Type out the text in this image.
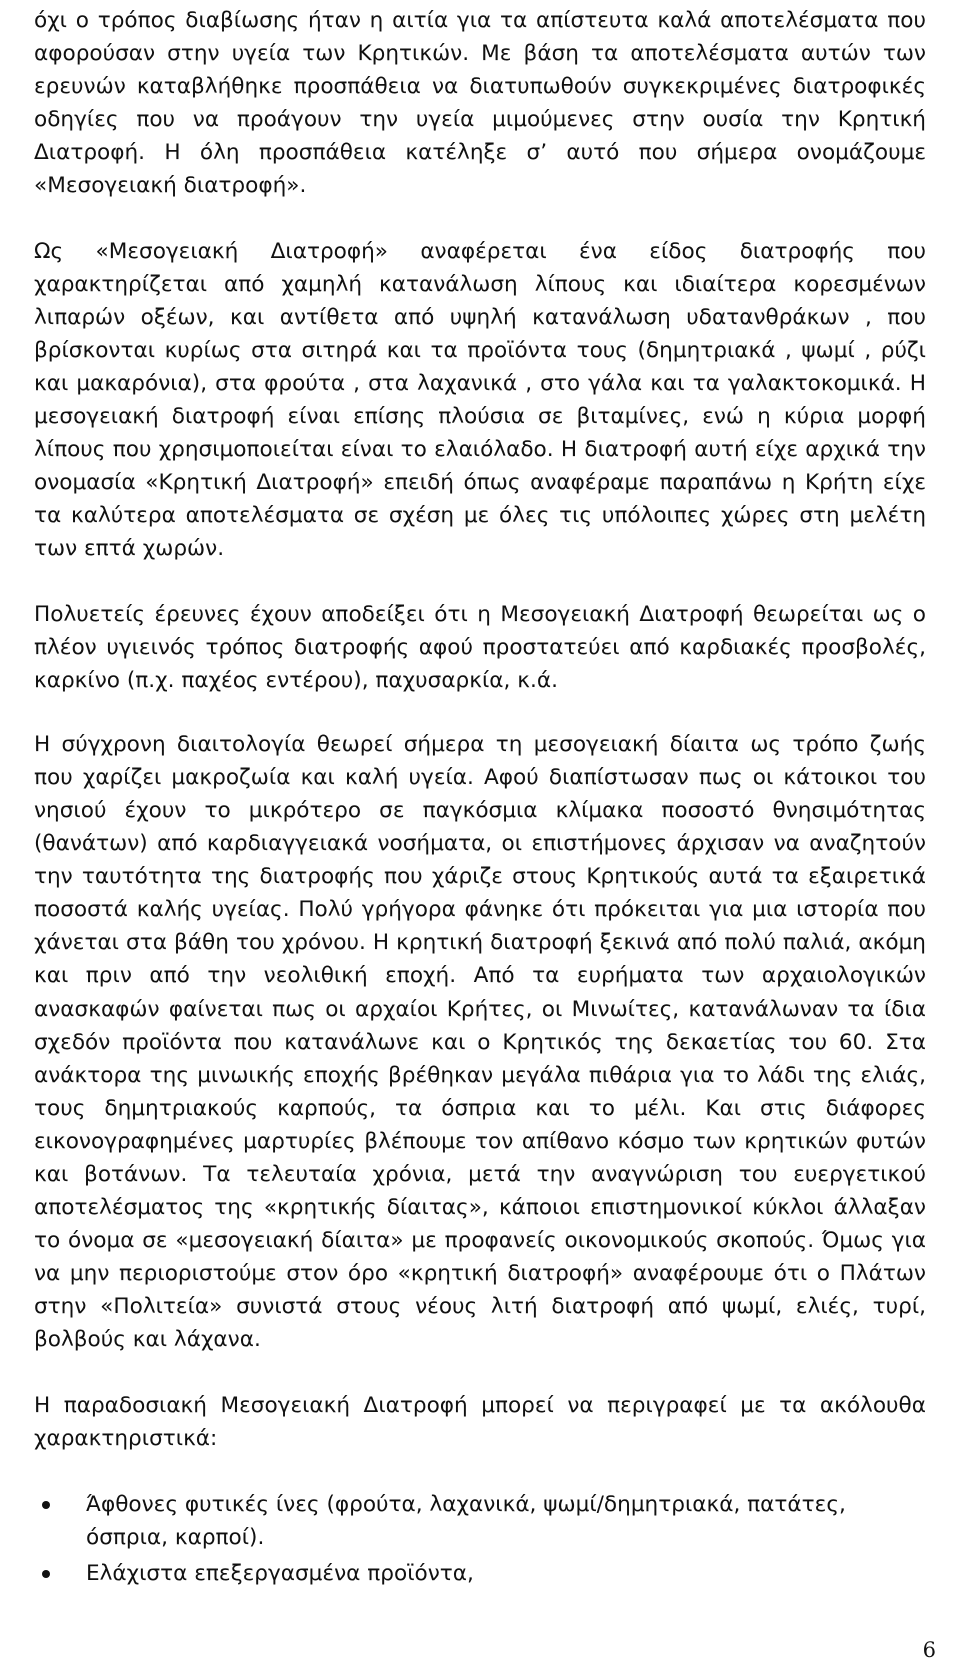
όχι ο τρόπος διαβίωσης ήταν η αιτία για τα απίστευτα καλά αποτελέσματα που αφορούσαν στην υγεία των Κρητικών. Με βάση τα αποτελέσματα αυτών των ερευνών καταβλήθηκε προσπάθεια να διατυπωθούν συγκεκριμένες διατροφικές οδηγίες που να προάγουν την υγεία μιμούμενες στην ουσία την Κρητική Διατροφή. Η όλη προσπάθεια κατέληξε σ’ αυτό που σήμερα ονομάζουμε «Μεσογειακή διατροφή».

Ως «Μεσογειακή Διατροφή» αναφέρεται ένα είδος διατροφής που χαρακτηρίζεται από χαμηλή κατανάλωση λίπους και ιδιαίτερα κορεσμένων λιπαρών οξέων, και αντίθετα από υψηλή κατανάλωση υδατανθράκων , που βρίσκονται κυρίως στα σιτηρά και τα προϊόντα τους (δημητριακά , ψωμί , ρύζι και μακαρόνια), στα φρούτα , στα λαχανικά , στο γάλα και τα γαλακτοκομικά. Η μεσογειακή διατροφή είναι επίσης πλούσια σε βιταμίνες, ενώ η κύρια μορφή λίπους που χρησιμοποιείται είναι το ελαιόλαδο. Η διατροφή αυτή είχε αρχικά την ονομασία «Κρητική Διατροφή» επειδή όπως αναφέραμε παραπάνω η Κρήτη είχε τα καλύτερα αποτελέσματα σε σχέση με όλες τις υπόλοιπες χώρες στη μελέτη των επτά χωρών.

Πολυετείς έρευνες έχουν αποδείξει ότι η Μεσογειακή Διατροφή θεωρείται ως ο πλέον υγιεινός τρόπος διατροφής αφού προστατεύει από καρδιακές προσβολές, καρκίνο (π.χ. παχέος εντέρου), παχυσαρκία, κ.ά.

Η σύγχρονη διαιτολογία θεωρεί σήμερα τη μεσογειακή δίαιτα ως τρόπο ζωής που χαρίζει μακροζωία και καλή υγεία. Αφού διαπίστωσαν πως οι κάτοικοι του νησιού έχουν το μικρότερο σε παγκόσμια κλίμακα ποσοστό θνησιμότητας (θανάτων) από καρδιαγγειακά νοσήματα, οι επιστήμονες άρχισαν να αναζητούν την ταυτότητα της διατροφής που χάριζε στους Κρητικούς αυτά τα εξαιρετικά ποσοστά καλής υγείας. Πολύ γρήγορα φάνηκε ότι πρόκειται για μια ιστορία που χάνεται στα βάθη του χρόνου. Η κρητική διατροφή ξεκινά από πολύ παλιά, ακόμη και πριν από την νεολιθική εποχή. Από τα ευρήματα των αρχαιολογικών ανασκαφών φαίνεται πως οι αρχαίοι Κρήτες, οι Μινωίτες, κατανάλωναν τα ίδια σχεδόν προϊόντα που κατανάλωνε και ο Κρητικός της δεκαετίας του 60. Στα ανάκτορα της μινωικής εποχής βρέθηκαν μεγάλα πιθάρια για το λάδι της ελιάς, τους δημητριακούς καρπούς, τα όσπρια και το μέλι. Και στις διάφορες εικονογραφημένες μαρτυρίες βλέπουμε τον απίθανο κόσμο των κρητικών φυτών και βοτάνων. Τα τελευταία χρόνια, μετά την αναγνώριση του ευεργετικού αποτελέσματος της «κρητικής δίαιτας», κάποιοι επιστημονικοί κύκλοι άλλαξαν το όνομα σε «μεσογειακή δίαιτα» με προφανείς οικονομικούς σκοπούς. Όμως για να μην περιοριστούμε στον όρο «κρητική διατροφή» αναφέρουμε ότι ο Πλάτων στην «Πολιτεία» συνιστά στους νέους λιτή διατροφή από ψωμί, ελιές, τυρί, βολβούς και λάχανα.

Η παραδοσιακή Μεσογειακή Διατροφή μπορεί να περιγραφεί με τα ακόλουθα χαρακτηριστικά:

Άφθονες φυτικές ίνες (φρούτα, λαχανικά, ψωμί/δημητριακά, πατάτες, όσπρια, καρποί).
Ελάχιστα επεξεργασμένα προϊόντα,
6
